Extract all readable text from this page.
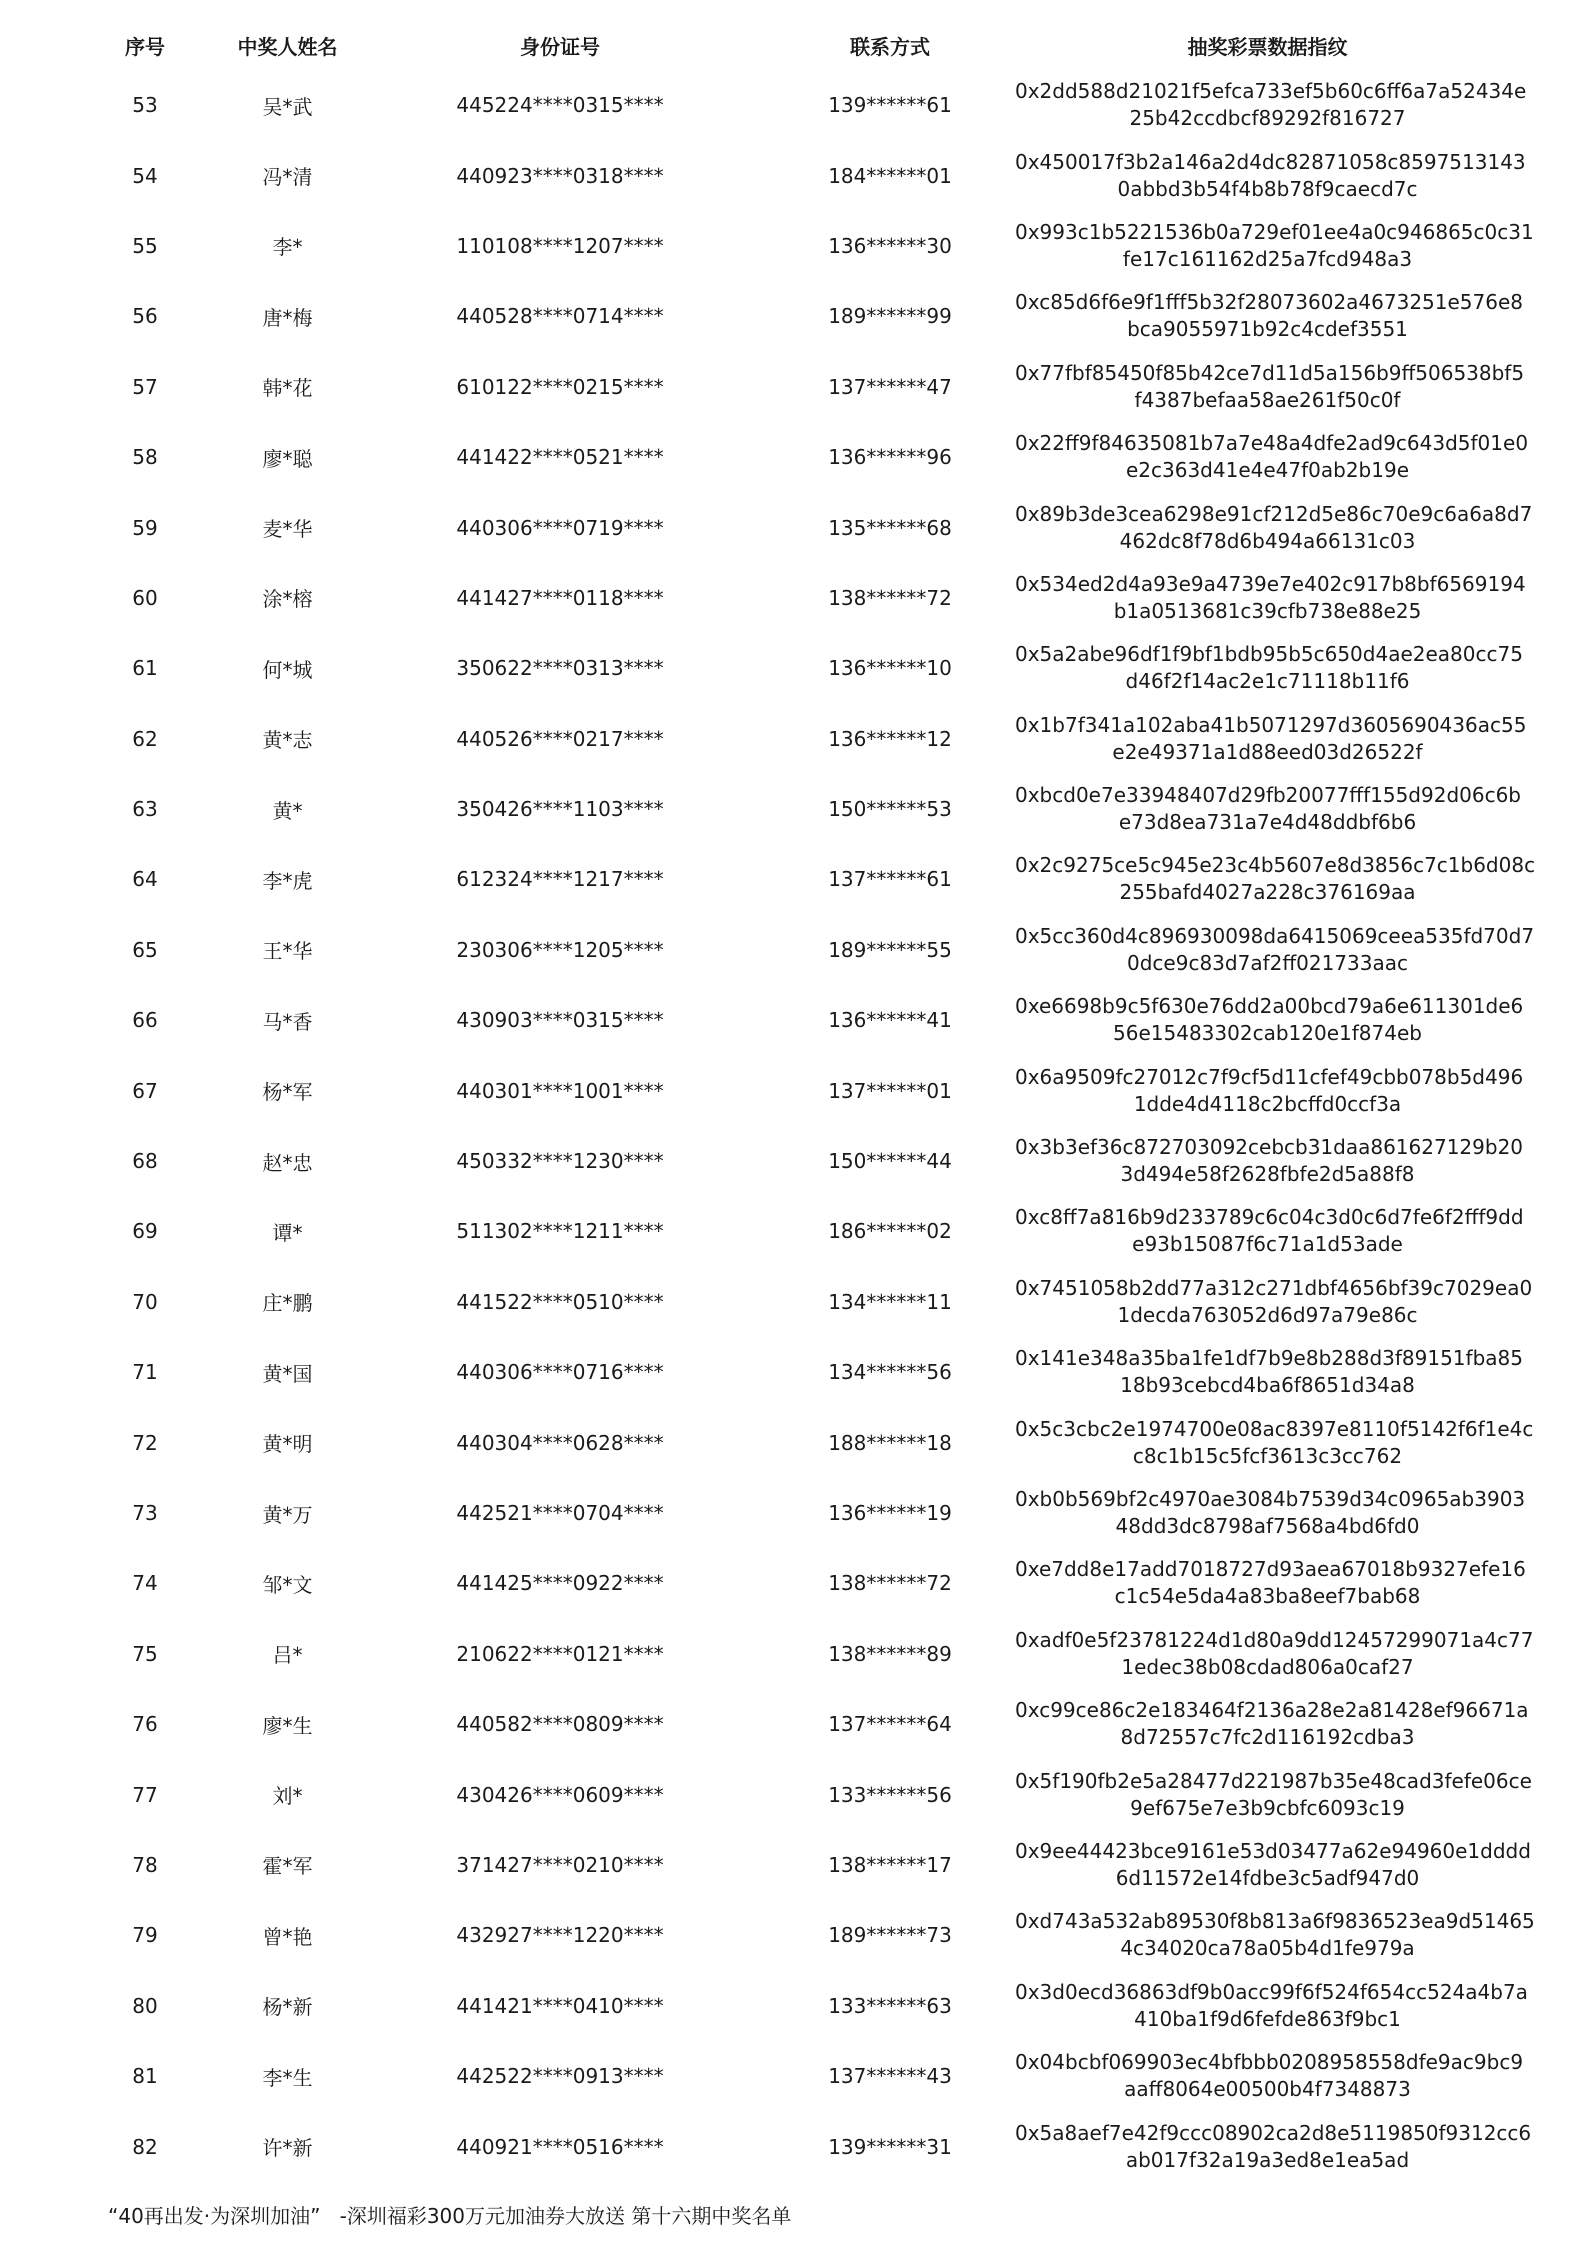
序号	中奖人姓名	身份证号	联系方式	抽奖彩票数据指纹
53	吴*武	445224****0315****	139******61	0x2dd588d21021f5efca733ef5b60c6ff6a7a52434e
25b42ccdbcf89292f816727

54	冯*清	440923****0318****	184******01	0x450017f3b2a146a2d4dc82871058c8597513143
0abbd3b54f4b8b78f9caecd7c

55	李*	110108****1207****	136******30	0x993c1b5221536b0a729ef01ee4a0c946865c0c31
fe17c161162d25a7fcd948a3

56	唐*梅	440528****0714****	189******99	0xc85d6f6e9f1fff5b32f28073602a4673251e576e8
bca9055971b92c4cdef3551

57	韩*花	610122****0215****	137******47	0x77fbf85450f85b42ce7d11d5a156b9ff506538bf5
f4387befaa58ae261f50c0f

58	廖*聪	441422****0521****	136******96	0x22ff9f84635081b7a7e48a4dfe2ad9c643d5f01e0
e2c363d41e4e47f0ab2b19e

59	麦*华	440306****0719****	135******68	0x89b3de3cea6298e91cf212d5e86c70e9c6a6a8d7
462dc8f78d6b494a66131c03

60	涂*榕	441427****0118****	138******72	0x534ed2d4a93e9a4739e7e402c917b8bf6569194
b1a0513681c39cfb738e88e25

61	何*城	350622****0313****	136******10	0x5a2abe96df1f9bf1bdb95b5c650d4ae2ea80cc75
d46f2f14ac2e1c71118b11f6

62	黄*志	440526****0217****	136******12	0x1b7f341a102aba41b5071297d3605690436ac55
e2e49371a1d88eed03d26522f

63	黄*	350426****1103****	150******53	0xbcd0e7e33948407d29fb20077fff155d92d06c6b
e73d8ea731a7e4d48ddbf6b6

64	李*虎	612324****1217****	137******61	0x2c9275ce5c945e23c4b5607e8d3856c7c1b6d08c
255bafd4027a228c376169aa

65	王*华	230306****1205****	189******55	0x5cc360d4c896930098da6415069ceea535fd70d7
0dce9c83d7af2ff021733aac

66	马*香	430903****0315****	136******41	0xe6698b9c5f630e76dd2a00bcd79a6e611301de6
56e15483302cab120e1f874eb

67	杨*军	440301****1001****	137******01	0x6a9509fc27012c7f9cf5d11cfef49cbb078b5d496
1dde4d4118c2bcffd0ccf3a

68	赵*忠	450332****1230****	150******44	0x3b3ef36c872703092cebcb31daa861627129b20
3d494e58f2628fbfe2d5a88f8

69	谭*	511302****1211****	186******02	0xc8ff7a816b9d233789c6c04c3d0c6d7fe6f2fff9dd
e93b15087f6c71a1d53ade

70	庄*鹏	441522****0510****	134******11	0x7451058b2dd77a312c271dbf4656bf39c7029ea0
1decda763052d6d97a79e86c

71	黄*国	440306****0716****	134******56	0x141e348a35ba1fe1df7b9e8b288d3f89151fba85
18b93cebcd4ba6f8651d34a8

72	黄*明	440304****0628****	188******18	0x5c3cbc2e1974700e08ac8397e8110f5142f6f1e4c
c8c1b15c5fcf3613c3cc762

73	黄*万	442521****0704****	136******19	0xb0b569bf2c4970ae3084b7539d34c0965ab3903
48dd3dc8798af7568a4bd6fd0

74	邹*文	441425****0922****	138******72	0xe7dd8e17add7018727d93aea67018b9327efe16
c1c54e5da4a83ba8eef7bab68

75	吕*	210622****0121****	138******89	0xadf0e5f23781224d1d80a9dd12457299071a4c77
1edec38b08cdad806a0caf27

76	廖*生	440582****0809****	137******64	0xc99ce86c2e183464f2136a28e2a81428ef96671a
8d72557c7fc2d116192cdba3

77	刘*	430426****0609****	133******56	0x5f190fb2e5a28477d221987b35e48cad3fefe06ce
9ef675e7e3b9cbfc6093c19

78	霍*军	371427****0210****	138******17	0x9ee44423bce9161e53d03477a62e94960e1dddd
6d11572e14fdbe3c5adf947d0

79	曾*艳	432927****1220****	189******73	0xd743a532ab89530f8b813a6f9836523ea9d51465
4c34020ca78a05b4d1fe979a

80	杨*新	441421****0410****	133******63	0x3d0ecd36863df9b0acc99f6f524f654cc524a4b7a
410ba1f9d6fefde863f9bc1

81	李*生	442522****0913****	137******43	0x04bcbf069903ec4bfbbb0208958558dfe9ac9bc9
aaff8064e00500b4f7348873

82	许*新	440921****0516****	139******31	0x5a8aef7e42f9ccc08902ca2d8e5119850f9312cc6
ab017f32a19a3ed8e1ea5ad
“40再出发·为深圳加油”   -深圳福彩300万元加油券大放送 第十六期中奖名单
